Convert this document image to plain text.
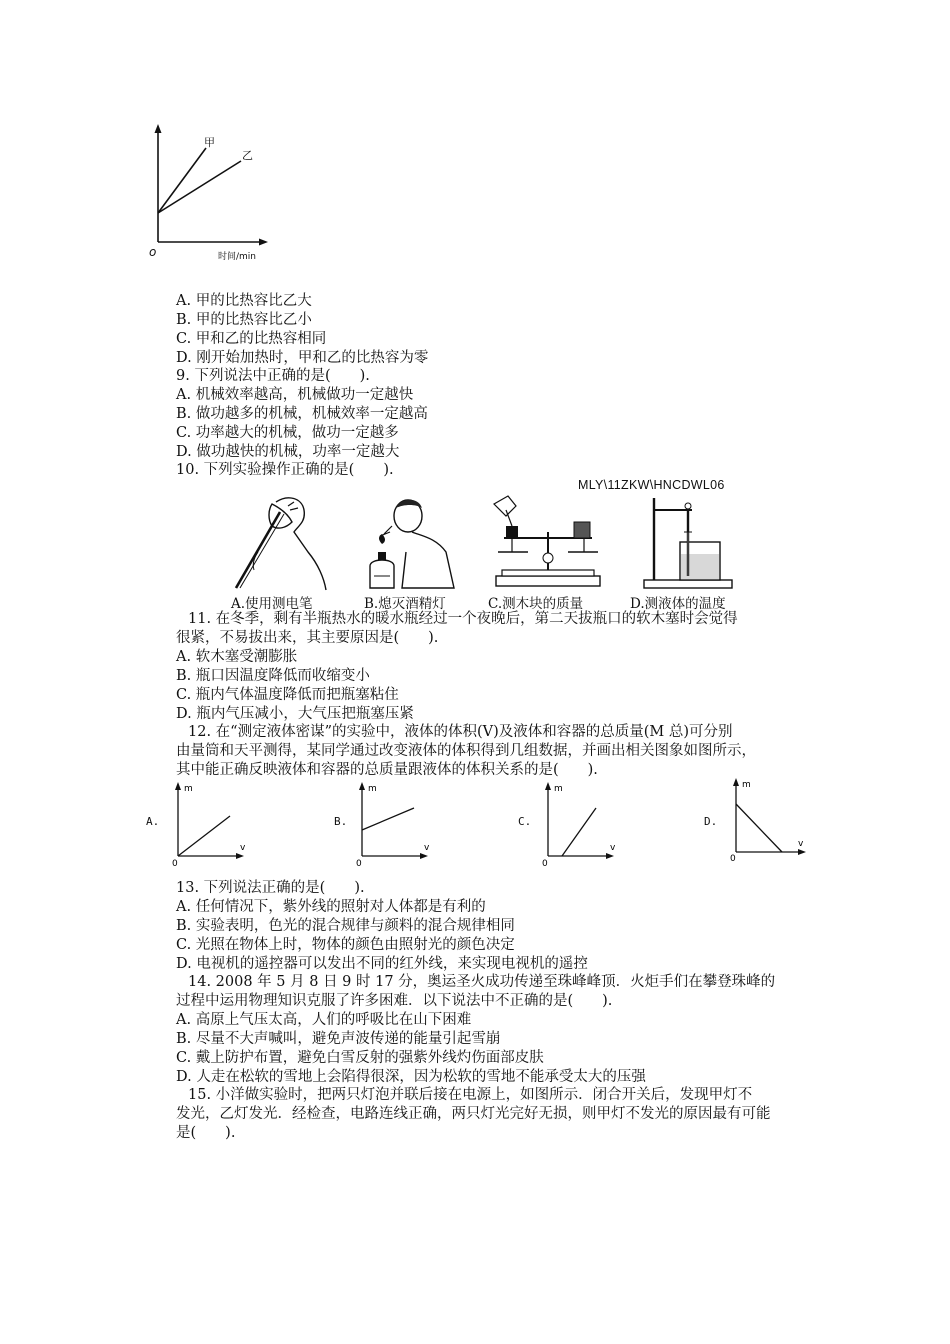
甲
乙
o	时间/min
A. 甲的比热容比乙大
B. 甲的比热容比乙小
C. 甲和乙的比热容相同
D. 刚开始加热时，甲和乙的比热容为零
9. 下列说法中正确的是(　　).
A. 机械效率越高，机械做功一定越快
B. 做功越多的机械，机械效率一定越高
C. 功率越大的机械，做功一定越多
D. 做功越快的机械，功率一定越大
10. 下列实验操作正确的是(　　).
MLY\11ZKW\HNCDWL06
A.使用测电笔	B.熄灭酒精灯	C.测木块的质量	D.测液体的温度
11. 在冬季，剩有半瓶热水的暖水瓶经过一个夜晚后，第二天拔瓶口的软木塞时会觉得
很紧，不易拔出来，其主要原因是(　　).
A. 软木塞受潮膨胀
B. 瓶口因温度降低而收缩变小
C. 瓶内气体温度降低而把瓶塞粘住
D. 瓶内气压减小，大气压把瓶塞压紧
12. 在“测定液体密谋”的实验中，液体的体积(V)及液体和容器的总质量(M 总)可分别
由量筒和天平测得，某同学通过改变液体的体积得到几组数据，并画出相关图象如图所示，
其中能正确反映液体和容器的总质量跟液体的体积关系的是(　　).
A.
m
v
0
B.
m
v
0
C.
m
v
0
D.
m
v
0
13. 下列说法正确的是(　　).
A. 任何情况下，紫外线的照射对人体都是有利的
B. 实验表明，色光的混合规律与颜料的混合规律相同
C. 光照在物体上时，物体的颜色由照射光的颜色决定
D. 电视机的遥控器可以发出不同的红外线，来实现电视机的遥控
14. 2008 年 5 月 8 日 9 时 17 分，奥运圣火成功传递至珠峰峰顶．火炬手们在攀登珠峰的
过程中运用物理知识克服了许多困难．以下说法中不正确的是(　　).
A. 高原上气压太高，人们的呼吸比在山下困难
B. 尽量不大声喊叫，避免声波传递的能量引起雪崩
C. 戴上防护布置，避免白雪反射的强紫外线灼伤面部皮肤
D. 人走在松软的雪地上会陷得很深，因为松软的雪地不能承受太大的压强
15. 小洋做实验时，把两只灯泡并联后接在电源上，如图所示．闭合开关后，发现甲灯不
发光，乙灯发光．经检查，电路连线正确，两只灯光完好无损，则甲灯不发光的原因最有可能
是(　　).
